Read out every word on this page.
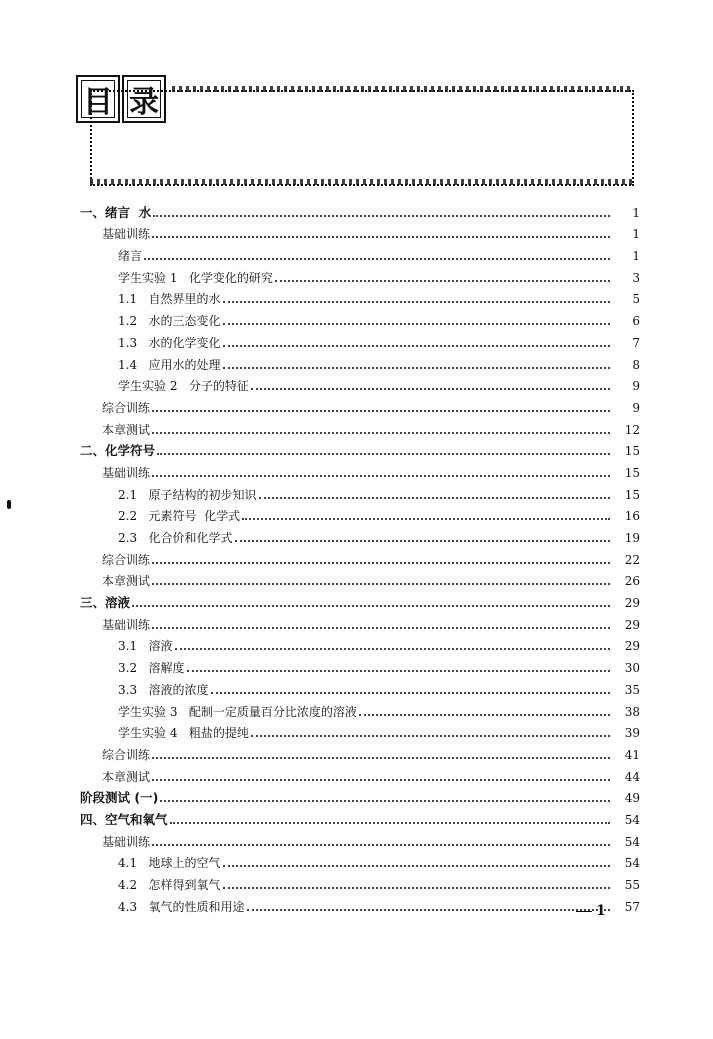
目 录
一、绪言  水	1
基础训练	1
绪言	1
学生实验 1   化学变化的研究	3
1.1   自然界里的水	5
1.2   水的三态变化	6
1.3   水的化学变化	7
1.4   应用水的处理	8
学生实验 2   分子的特征	9
综合训练	9
本章测试	12
二、化学符号	15
基础训练	15
2.1   原子结构的初步知识	15
2.2   元素符号  化学式	16
2.3   化合价和化学式	19
综合训练	22
本章测试	26
三、溶液	29
基础训练	29
3.1   溶液	29
3.2   溶解度	30
3.3   溶液的浓度	35
学生实验 3   配制一定质量百分比浓度的溶液	38
学生实验 4   粗盐的提纯	39
综合训练	41
本章测试	44
阶段测试 (一)	49
四、空气和氧气	54
基础训练	54
4.1   地球上的空气	54
4.2   怎样得到氧气	55
4.3   氧气的性质和用途	57
1
